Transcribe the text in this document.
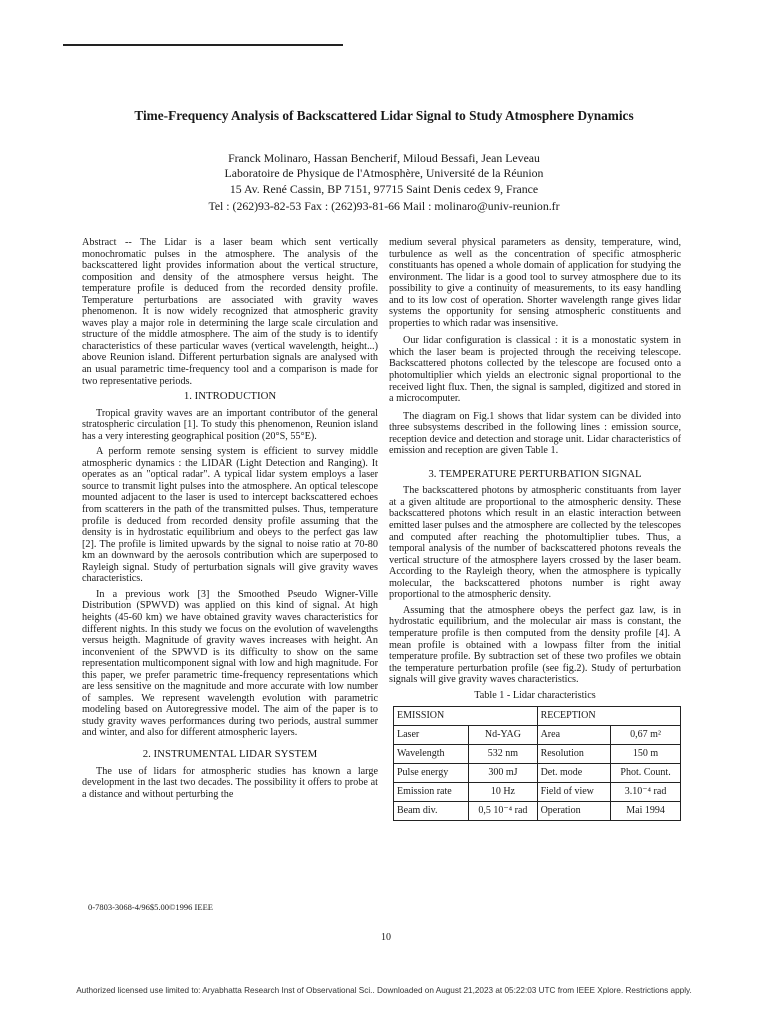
Time-Frequency Analysis of Backscattered Lidar Signal to Study Atmosphere Dynamics
Franck Molinaro, Hassan Bencherif, Miloud Bessafi, Jean Leveau
Laboratoire de Physique de l'Atmosphère, Université de la Réunion
15 Av. René Cassin, BP 7151, 97715 Saint Denis cedex 9, France
Tel : (262)93-82-53 Fax : (262)93-81-66 Mail : molinaro@univ-reunion.fr

Abstract -- The Lidar is a laser beam which sent vertically monochromatic pulses in the atmosphere. The analysis of the backscattered light provides information about the vertical structure, composition and density of the atmosphere versus height. The temperature profile is deduced from the recorded density profile. Temperature perturbations are associated with gravity waves phenomenon. It is now widely recognized that atmospheric gravity waves play a major role in determining the large scale circulation and structure of the middle atmosphere. The aim of the study is to identify characteristics of these particular waves (vertical wavelength, height...) above Reunion island. Different perturbation signals are analysed with an usual parametric time-frequency tool and a comparison is made for two representative periods.

1. INTRODUCTION

Tropical gravity waves are an important contributor of the general stratospheric circulation [1]. To study this phenomenon, Reunion island has a very interesting geographical position (20°S, 55°E).

A perform remote sensing system is efficient to survey middle atmospheric dynamics : the LIDAR (Light Detection and Ranging). It operates as an "optical radar". A typical lidar system employs a laser source to transmit light pulses into the atmosphere. An optical telescope mounted adjacent to the laser is used to intercept backscattered echoes from scatterers in the path of the transmitted pulses. Thus, temperature profile is deduced from recorded density profile assuming that the density is in hydrostatic equilibrium and obeys to the perfect gas law [2]. The profile is limited upwards by the signal to noise ratio at 70-80 km an downward by the aerosols contribution which are superposed to Rayleigh signal. Study of perturbation signals will give gravity waves characteristics.

In a previous work [3] the Smoothed Pseudo Wigner-Ville Distribution (SPWVD) was applied on this kind of signal. At high heights (45-60 km) we have obtained gravity waves characteristics for different nights. In this study we focus on the evolution of wavelengths versus heigth. Magnitude of gravity waves increases with height. An inconvenient of the SPWVD is its difficulty to show on the same representation multicomponent signal with low and high magnitude. For this paper, we prefer parametric time-frequency representations which are less sensitive on the magnitude and more accurate with low number of samples. We represent wavelength evolution with parametric modeling based on Autoregressive model. The aim of the paper is to study gravity waves performances during two periods, austral summer and winter, and also for different atmospheric layers.

2. INSTRUMENTAL LIDAR SYSTEM

The use of lidars for atmospheric studies has known a large development in the last two decades. The possibility it offers to probe at a distance and without perturbing the

medium several physical parameters as density, temperature, wind, turbulence as well as the concentration of specific atmospheric constituants has opened a whole domain of application for studying the environment. The lidar is a good tool to survey atmosphere due to its possibility to give a continuity of measurements, to its easy handling and to its low cost of operation. Shorter wavelength range gives lidar systems the opportunity for sensing atmospheric constituents and properties to which radar was insensitive.

Our lidar configuration is classical : it is a monostatic system in which the laser beam is projected through the receiving telescope. Backscattered photons collected by the telescope are focused onto a photomultiplier which yields an electronic signal proportional to the received light flux. Then, the signal is sampled, digitized and stored in a microcomputer.

The diagram on Fig.1 shows that lidar system can be divided into three subsystems described in the following lines : emission source, reception device and detection and storage unit. Lidar characteristics of emission and reception are given Table 1.

3. TEMPERATURE PERTURBATION SIGNAL

The backscattered photons by atmospheric constituants from layer at a given altitude are proportional to the atmospheric density. These backscattered photons which result in an elastic interaction between emitted laser pulses and the atmosphere are collected by the telescopes and computed after reaching the photomultiplier tubes. Thus, a temporal analysis of the number of backscattered photons reveals the vertical structure of the atmosphere layers crossed by the laser beam. According to the Rayleigh theory, when the atmosphere is typically molecular, the backscattered photons number is right away proportional to the atmospheric density.

Assuming that the atmosphere obeys the perfect gaz law, is in hydrostatic equilibrium, and the molecular air mass is constant, the temperature profile is then computed from the density profile [4]. A mean profile is obtained with a lowpass filter from the initial temperature profile. By subtraction set of these two profiles we obtain the temperature perturbation profile (see fig.2). Study of perturbation signals will give gravity waves characteristics.

Table 1 - Lidar characteristics
EMISSION		RECEPTION	
Laser	Nd-YAG	Area	0,67 m²
Wavelength	532 nm	Resolution	150 m
Pulse energy	300 mJ	Det. mode	Phot. Count.
Emission rate	10 Hz	Field of view	3.10⁻⁴ rad
Beam div.	0,5 10⁻⁴ rad	Operation	Mai 1994
0-7803-3068-4/96$5.00©1996 IEEE
10
Authorized licensed use limited to: Aryabhatta Research Inst of Observational Sci.. Downloaded on August 21,2023 at 05:22:03 UTC from IEEE Xplore. Restrictions apply.
